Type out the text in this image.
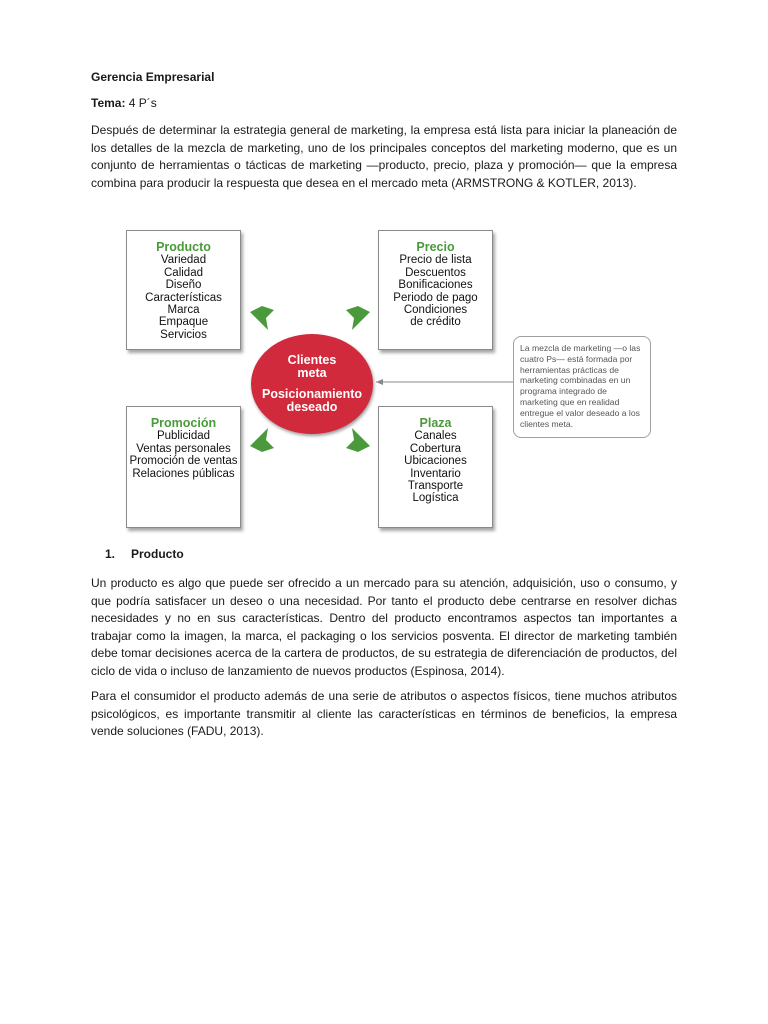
Gerencia Empresarial
Tema: 4 P´s
Después de determinar la estrategia general de marketing, la empresa está lista para iniciar la planeación de los detalles de la mezcla de marketing, uno de los principales conceptos del marketing moderno, que es un conjunto de herramientas o tácticas de marketing —producto, precio, plaza y promoción— que la empresa combina para producir la respuesta que desea en el mercado meta (ARMSTRONG & KOTLER, 2013).
Producto
Variedad
Calidad
Diseño
Características
Marca
Empaque
Servicios
Precio
Precio de lista
Descuentos
Bonificaciones
Periodo de pago
Condiciones
de crédito
Promoción
Publicidad
Ventas personales
Promoción de ventas
Relaciones públicas
Plaza
Canales
Cobertura
Ubicaciones
Inventario
Transporte
Logística
Clientes
meta
Posicionamiento
deseado
La mezcla de marketing —o las cuatro Ps— está formada por herramientas prácticas de marketing combinadas en un programa integrado de marketing que en realidad entregue el valor deseado a los clientes meta.
1. Producto
Un producto es algo que puede ser ofrecido a un mercado para su atención, adquisición, uso o consumo, y que podría satisfacer un deseo o una necesidad. Por tanto el producto debe centrarse en resolver dichas necesidades y no en sus características. Dentro del producto encontramos aspectos tan importantes a trabajar como la imagen, la marca, el packaging o los servicios posventa. El director de marketing también debe tomar decisiones acerca de la cartera de productos, de su estrategia de diferenciación de productos, del ciclo de vida o incluso de lanzamiento de nuevos productos (Espinosa, 2014).
Para el consumidor el producto además de una serie de atributos o aspectos físicos, tiene muchos atributos psicológicos, es importante transmitir al cliente las características en términos de beneficios, la empresa vende soluciones (FADU, 2013).
